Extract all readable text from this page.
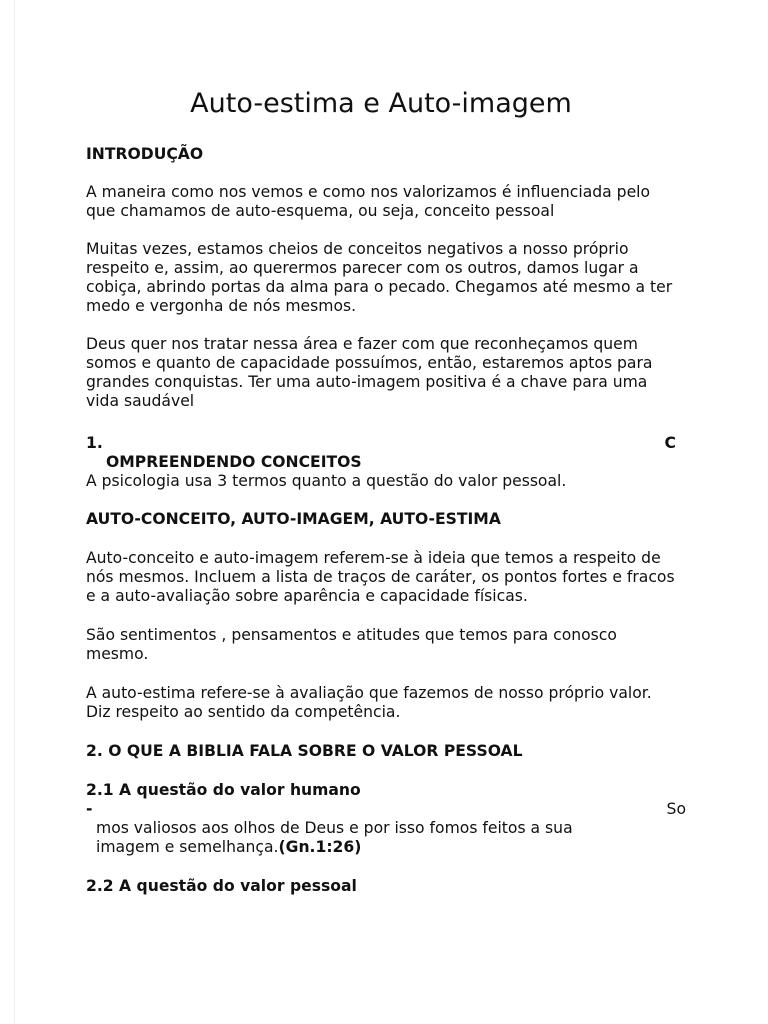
Auto-estima e Auto-imagem

INTRODUÇÃO

A maneira como nos vemos e como nos valorizamos é influenciada pelo que chamamos de auto-esquema, ou seja, conceito pessoal

Muitas vezes, estamos cheios de conceitos negativos a nosso próprio respeito e, assim, ao querermos parecer com os outros, damos lugar a cobiça, abrindo portas da alma para o pecado. Chegamos até mesmo a ter medo e vergonha de nós mesmos.

Deus quer nos tratar nessa área e fazer com que reconheçamos quem somos e quanto de capacidade possuímos, então, estaremos aptos para grandes conquistas. Ter uma auto-imagem positiva é a chave para uma vida saudável

1.	C
OMPREENDENDO CONCEITOS

A psicologia usa 3 termos quanto a questão do valor pessoal.

AUTO-CONCEITO, AUTO-IMAGEM, AUTO-ESTIMA

Auto-conceito e auto-imagem referem-se à ideia que temos a respeito de nós mesmos. Incluem a lista de traços de caráter, os pontos fortes e fracos e a auto-avaliação sobre aparência e capacidade físicas.

São sentimentos , pensamentos e atitudes que temos para conosco mesmo.

A auto-estima refere-se à avaliação que fazemos de nosso próprio valor. Diz respeito ao sentido da competência.

2. O QUE A BIBLIA FALA SOBRE O VALOR PESSOAL

2.1 A questão do valor humano
-	So
mos valiosos aos olhos de Deus e por isso fomos feitos a sua
imagem e semelhança.(Gn.1:26)
2.2 A questão do valor pessoal
